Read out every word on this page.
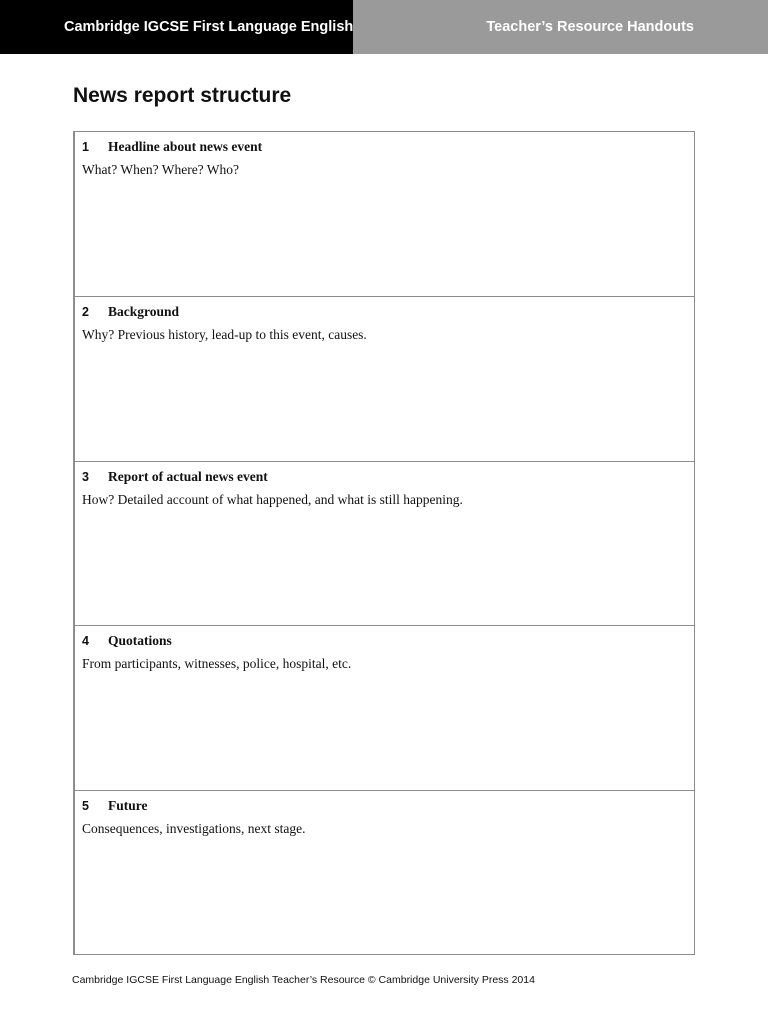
Cambridge IGCSE First Language English	Teacher’s Resource Handouts
News report structure
1 Headline about news event
What? When? Where? Who?
2 Background
Why? Previous history, lead-up to this event, causes.
3 Report of actual news event
How? Detailed account of what happened, and what is still happening.
4 Quotations
From participants, witnesses, police, hospital, etc.
5 Future
Consequences, investigations, next stage.
Cambridge IGCSE First Language English Teacher’s Resource © Cambridge University Press 2014
